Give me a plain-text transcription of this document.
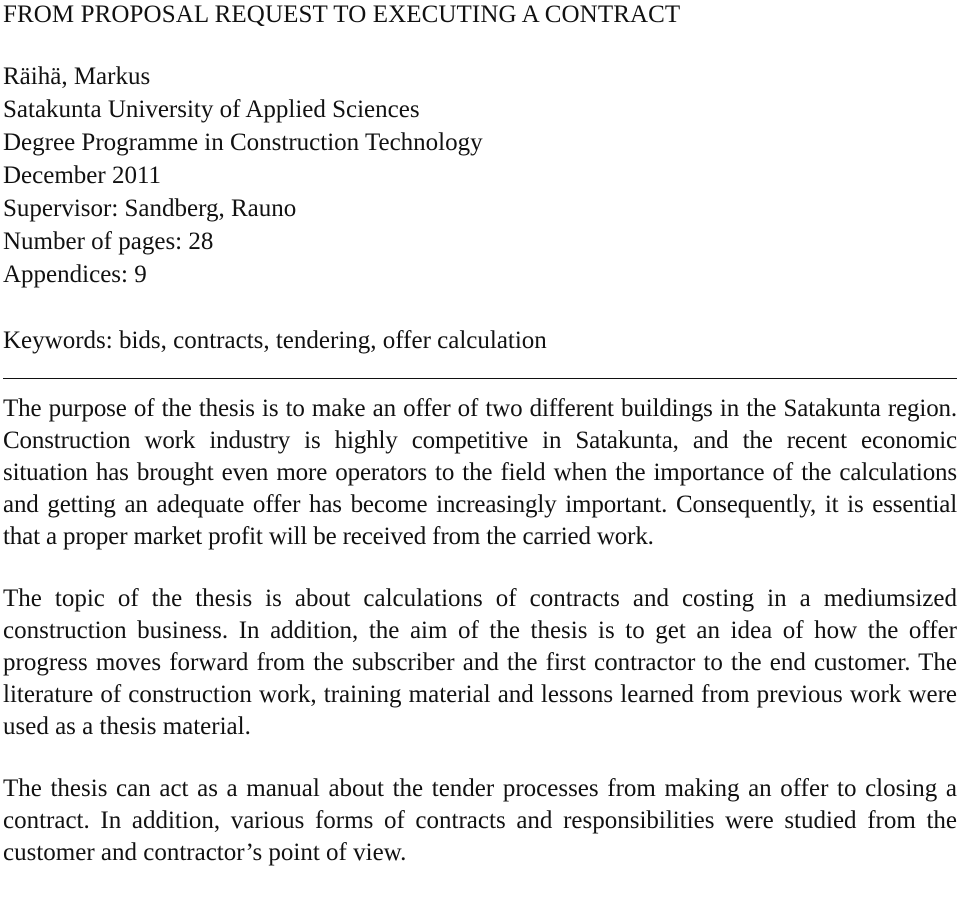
FROM PROPOSAL REQUEST TO EXECUTING A CONTRACT
Räihä, Markus
Satakunta University of Applied Sciences
Degree Programme in Construction Technology
December 2011
Supervisor: Sandberg, Rauno
Number of pages: 28
Appendices: 9
Keywords: bids, contracts, tendering, offer calculation

The purpose of the thesis is to make an offer of two different buildings in the Satakunta region. Construction work industry is highly competitive in Satakunta, and the recent economic situation has brought even more operators to the field when the importance of the calculations and getting an adequate offer has become increasingly important. Consequently, it is essential that a proper market profit will be received from the carried work.

The topic of the thesis is about calculations of contracts and costing in a mediumsized construction business. In addition, the aim of the thesis is to get an idea of how the offer progress moves forward from the subscriber and the first contractor to the end customer. The literature of construction work, training material and lessons learned from previous work were used as a thesis material.

The thesis can act as a manual about the tender processes from making an offer to closing a contract. In addition, various forms of contracts and responsibilities were studied from the customer and contractor’s point of view.
